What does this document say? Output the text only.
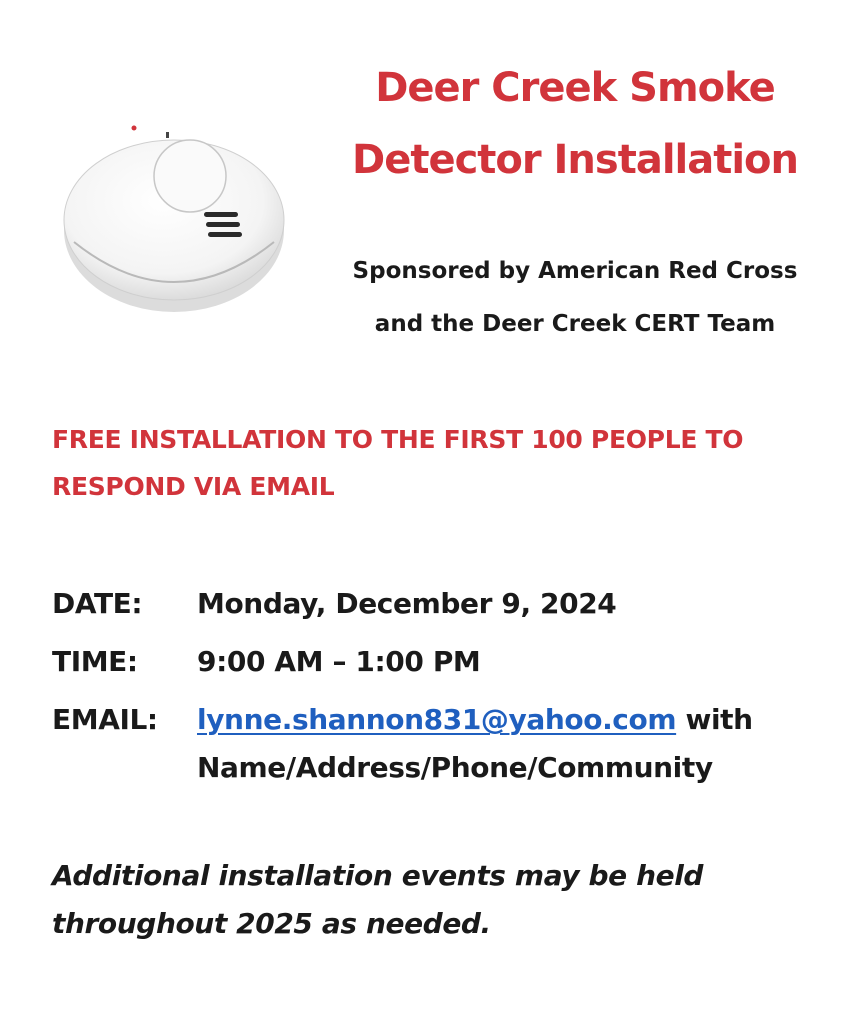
Deer Creek Smoke
Detector Installation
Sponsored by American Red Cross
and the Deer Creek CERT Team
FREE INSTALLATION TO THE FIRST 100 PEOPLE TO
RESPOND VIA EMAIL
DATE:	Monday, December 9, 2024
TIME:	9:00 AM – 1:00 PM
EMAIL:	lynne.shannon831@yahoo.com with
Name/Address/Phone/Community
Additional installation events may be held
throughout 2025 as needed.
